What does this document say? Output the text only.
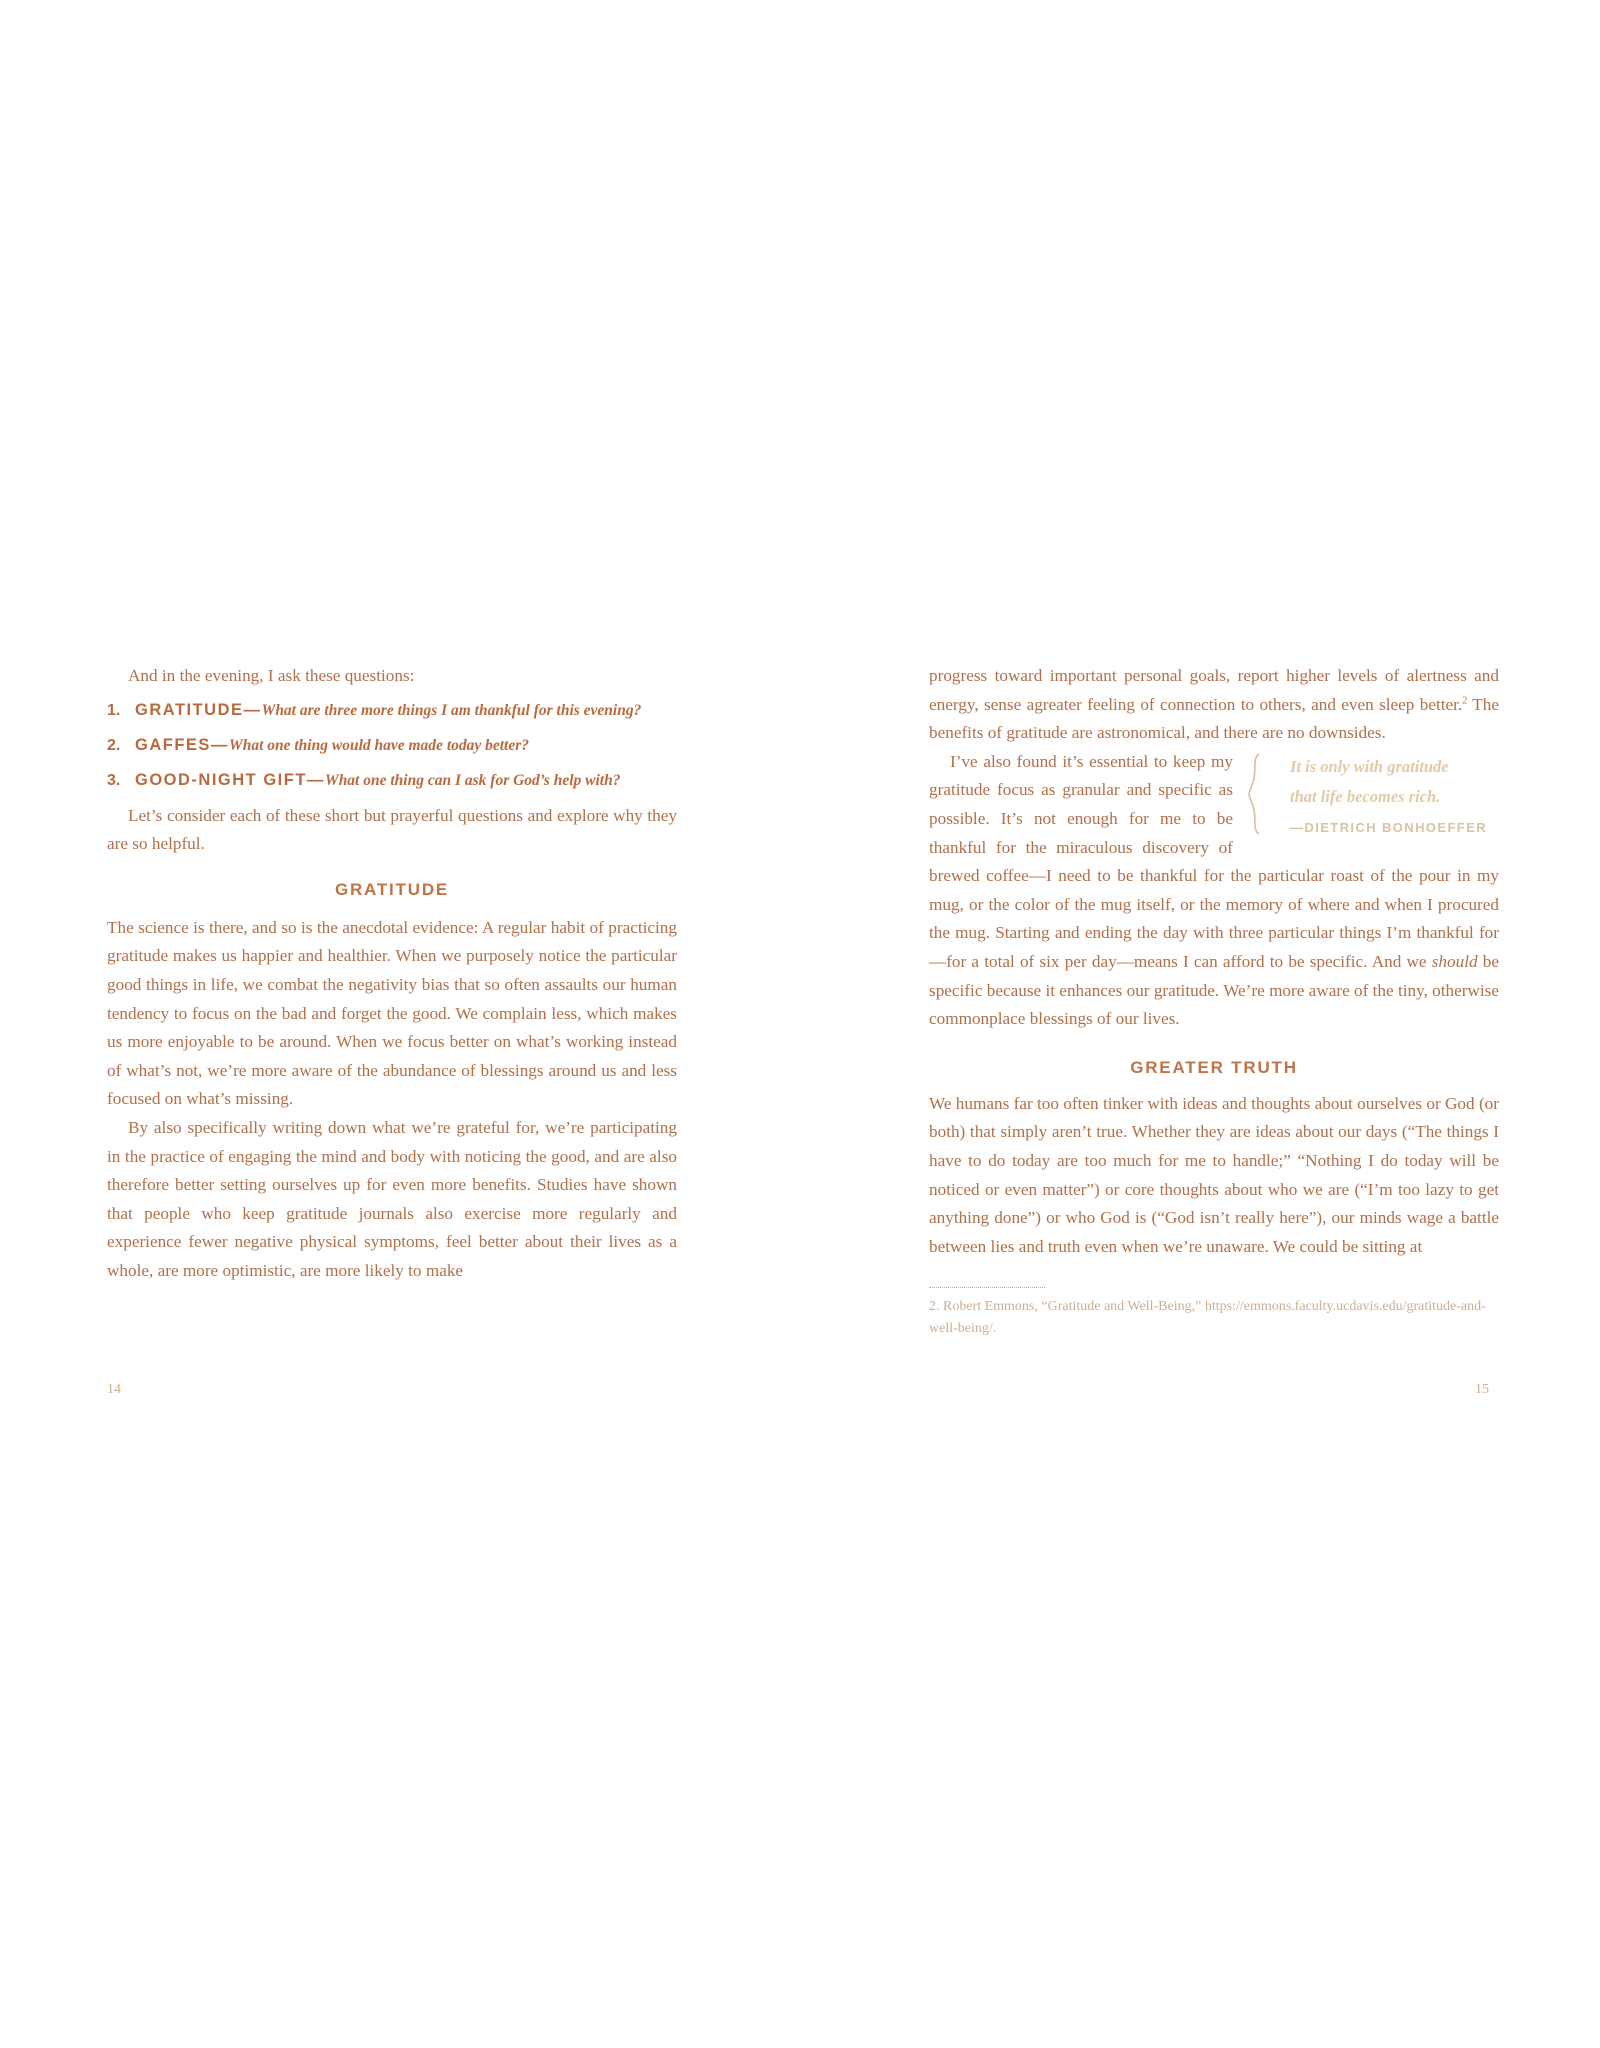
And in the evening, I ask these questions:

1. GRATITUDE—What are three more things I am thankful for this evening?
2. GAFFES—What one thing would have made today better?
3. GOOD-NIGHT GIFT—What one thing can I ask for God’s help with?

Let’s consider each of these short but prayerful questions and explore why they are so helpful.

GRATITUDE

The science is there, and so is the anecdotal evidence: A regular habit of practicing gratitude makes us happier and healthier. When we purposely notice the particular good things in life, we combat the negativity bias that so often assaults our human tendency to focus on the bad and forget the good. We complain less, which makes us more enjoyable to be around. When we focus better on what’s working instead of what’s not, we’re more aware of the abundance of blessings around us and less focused on what’s missing.

By also specifically writing down what we’re grateful for, we’re participating in the practice of engaging the mind and body with noticing the good, and are also therefore better setting ourselves up for even more benefits. Studies have shown that people who keep gratitude journals also exercise more regularly and experience fewer negative physical symptoms, feel better about their lives as a whole, are more optimistic, are more likely to make

progress toward important personal goals, report higher levels of alertness and energy, sense agreater feeling of connection to others, and even sleep better.$^2$ The benefits of gratitude are astronomical, and there are no downsides.

It is only with gratitude
that life becomes rich.
—DIETRICH BONHOEFFER
I’ve also found it’s essential to keep my gratitude focus as granular and specific as possible. It’s not enough for me to be thankful for the miraculous discovery of brewed coffee—I need to be thankful for the particular roast of the pour in my mug, or the color of the mug itself, or the memory of where and when I procured the mug. Starting and ending the day with three particular things I’m thankful for—for a total of six per day—means I can afford to be specific. And we should be specific because it enhances our gratitude. We’re more aware of the tiny, otherwise commonplace blessings of our lives.

GREATER TRUTH

We humans far too often tinker with ideas and thoughts about ourselves or God (or both) that simply aren’t true. Whether they are ideas about our days (“The things I have to do today are too much for me to handle;” “Nothing I do today will be noticed or even matter”) or core thoughts about who we are (“I’m too lazy to get anything done”) or who God is (“God isn’t really here”), our minds wage a battle between lies and truth even when we’re unaware. We could be sitting at

2. Robert Emmons, “Gratitude and Well-Being,” https://emmons.faculty.ucdavis.edu/gratitude-and-well-being/.

14	15
